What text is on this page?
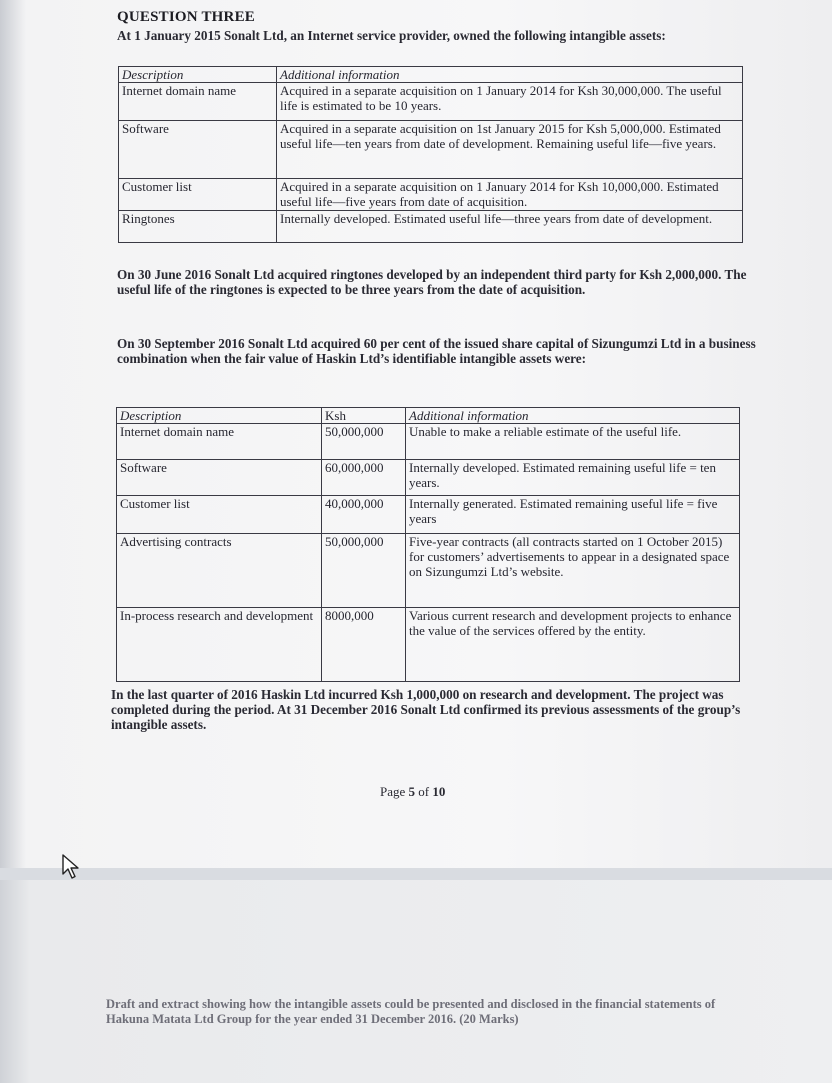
QUESTION THREE
At 1 January 2015 Sonalt Ltd, an Internet service provider, owned the following intangible assets:
Description	Additional information
Internet domain name	Acquired in a separate acquisition on 1 January 2014 for Ksh 30,000,000. The useful life is estimated to be 10 years.
Software	Acquired in a separate acquisition on 1st January 2015 for Ksh 5,000,000. Estimated useful life—ten years from date of development. Remaining useful life—five years.
Customer list	Acquired in a separate acquisition on 1 January 2014 for Ksh 10,000,000. Estimated useful life—five years from date of acquisition.
Ringtones	Internally developed. Estimated useful life—three years from date of development.
On 30 June 2016 Sonalt Ltd acquired ringtones developed by an independent third party for Ksh 2,000,000. The useful life of the ringtones is expected to be three years from the date of acquisition.
On 30 September 2016 Sonalt Ltd acquired 60 per cent of the issued share capital of Sizungumzi Ltd in a business combination when the fair value of Haskin Ltd’s identifiable intangible assets were:
Description	Ksh	Additional information
Internet domain name	50,000,000	Unable to make a reliable estimate of the useful life.
Software	60,000,000	Internally developed. Estimated remaining useful life = ten years.
Customer list	40,000,000	Internally generated. Estimated remaining useful life = five years
Advertising contracts	50,000,000	Five-year contracts (all contracts started on 1 October 2015) for customers’ advertisements to appear in a designated space on Sizungumzi Ltd’s website.
In-process research and development	8000,000	Various current research and development projects to enhance the value of the services offered by the entity.
In the last quarter of 2016 Haskin Ltd incurred Ksh 1,000,000 on research and development. The project was completed during the period. At 31 December 2016 Sonalt Ltd confirmed its previous assessments of the group’s intangible assets.
Page 5 of 10
Draft and extract showing how the intangible assets could be presented and disclosed in the financial statements of Hakuna Matata Ltd Group for the year ended 31 December 2016. (20 Marks)
